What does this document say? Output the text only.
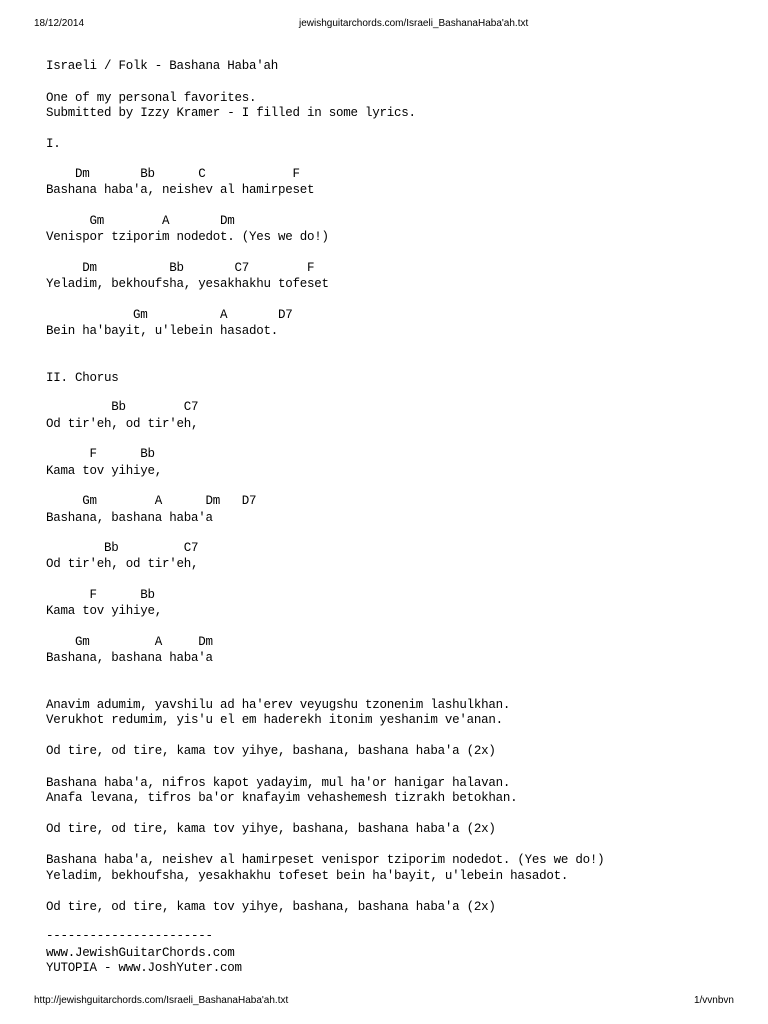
18/12/2014	jewishguitarchords.com/Israeli_BashanaHaba'ah.txt
Israeli / Folk - Bashana Haba'ah
One of my personal favorites.
Submitted by Izzy Kramer - I filled in some lyrics.
I.
Dm       Bb      C            F
Bashana haba'a, neishev al hamirpeset
Gm        A       Dm
Venispor tziporim nodedot. (Yes we do!)
Dm          Bb       C7        F
Yeladim, bekhoufsha, yesakhakhu tofeset
Gm          A       D7
Bein ha'bayit, u'lebein hasadot.
II. Chorus
Bb        C7
Od tir'eh, od tir'eh,
F      Bb
Kama tov yihiye,
Gm        A      Dm   D7
Bashana, bashana haba'a
Bb         C7
Od tir'eh, od tir'eh,
F      Bb
Kama tov yihiye,
Gm         A     Dm
Bashana, bashana haba'a
Anavim adumim, yavshilu ad ha'erev veyugshu tzonenim lashulkhan.
Verukhot redumim, yis'u el em haderekh itonim yeshanim ve'anan.
Od tire, od tire, kama tov yihye, bashana, bashana haba'a (2x)
Bashana haba'a, nifros kapot yadayim, mul ha'or hanigar halavan.
Anafa levana, tifros ba'or knafayim vehashemesh tizrakh betokhan.
Od tire, od tire, kama tov yihye, bashana, bashana haba'a (2x)
Bashana haba'a, neishev al hamirpeset venispor tziporim nodedot. (Yes we do!)
Yeladim, bekhoufsha, yesakhakhu tofeset bein ha'bayit, u'lebein hasadot.
Od tire, od tire, kama tov yihye, bashana, bashana haba'a (2x)
-----------------------
www.JewishGuitarChords.com
YUTOPIA - www.JoshYuter.com
http://jewishguitarchords.com/Israeli_BashanaHaba'ah.txt	1/vvnbvn
